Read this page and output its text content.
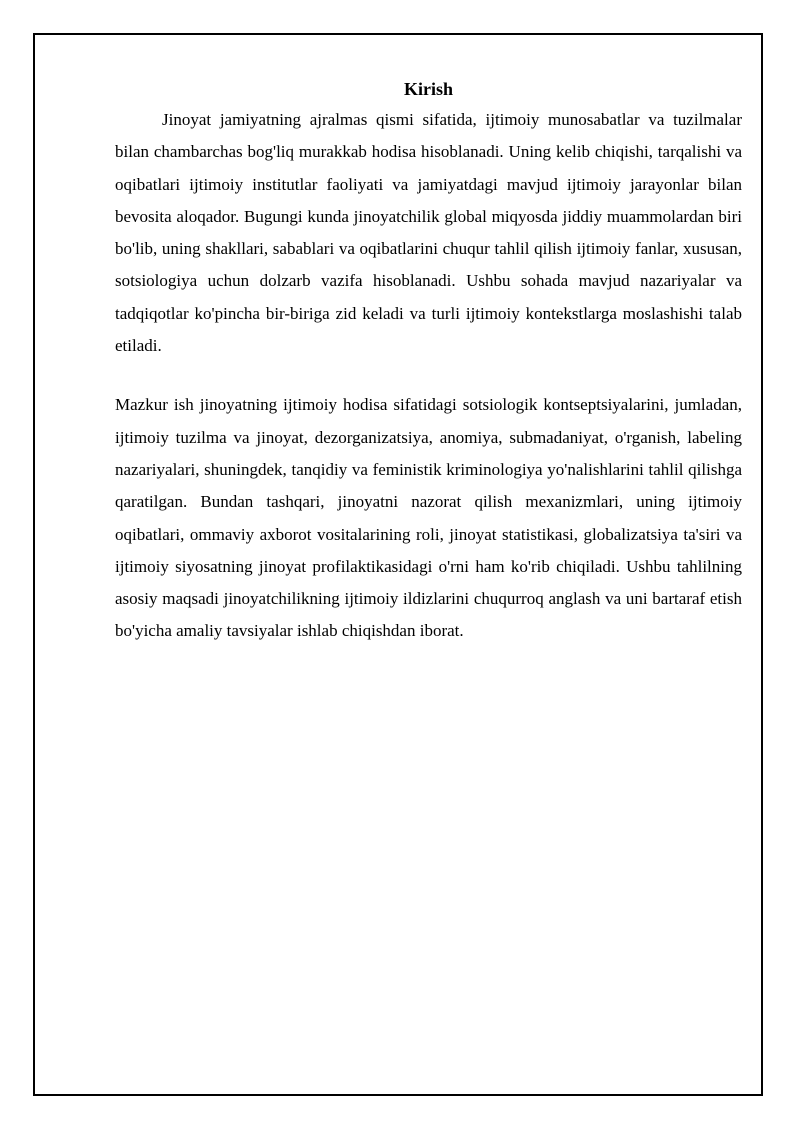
Kirish

Jinoyat jamiyatning ajralmas qismi sifatida, ijtimoiy munosabatlar va tuzilmalar bilan chambarchas bog'liq murakkab hodisa hisoblanadi. Uning kelib chiqishi, tarqalishi va oqibatlari ijtimoiy institutlar faoliyati va jamiyatdagi mavjud ijtimoiy jarayonlar bilan bevosita aloqador. Bugungi kunda jinoyatchilik global miqyosda jiddiy muammolardan biri bo'lib, uning shakllari, sabablari va oqibatlarini chuqur tahlil qilish ijtimoiy fanlar, xususan, sotsiologiya uchun dolzarb vazifa hisoblanadi. Ushbu sohada mavjud nazariyalar va tadqiqotlar ko'pincha bir-biriga zid keladi va turli ijtimoiy kontekstlarga moslashishi talab etiladi.

Mazkur ish jinoyatning ijtimoiy hodisa sifatidagi sotsiologik kontseptsiyalarini, jumladan, ijtimoiy tuzilma va jinoyat, dezorganizatsiya, anomiya, submadaniyat, o'rganish, labeling nazariyalari, shuningdek, tanqidiy va feministik kriminologiya yo'nalishlarini tahlil qilishga qaratilgan. Bundan tashqari, jinoyatni nazorat qilish mexanizmlari, uning ijtimoiy oqibatlari, ommaviy axborot vositalarining roli, jinoyat statistikasi, globalizatsiya ta'siri va ijtimoiy siyosatning jinoyat profilaktikasidagi o'rni ham ko'rib chiqiladi. Ushbu tahlilning asosiy maqsadi jinoyatchilikning ijtimoiy ildizlarini chuqurroq anglash va uni bartaraf etish bo'yicha amaliy tavsiyalar ishlab chiqishdan iborat.
